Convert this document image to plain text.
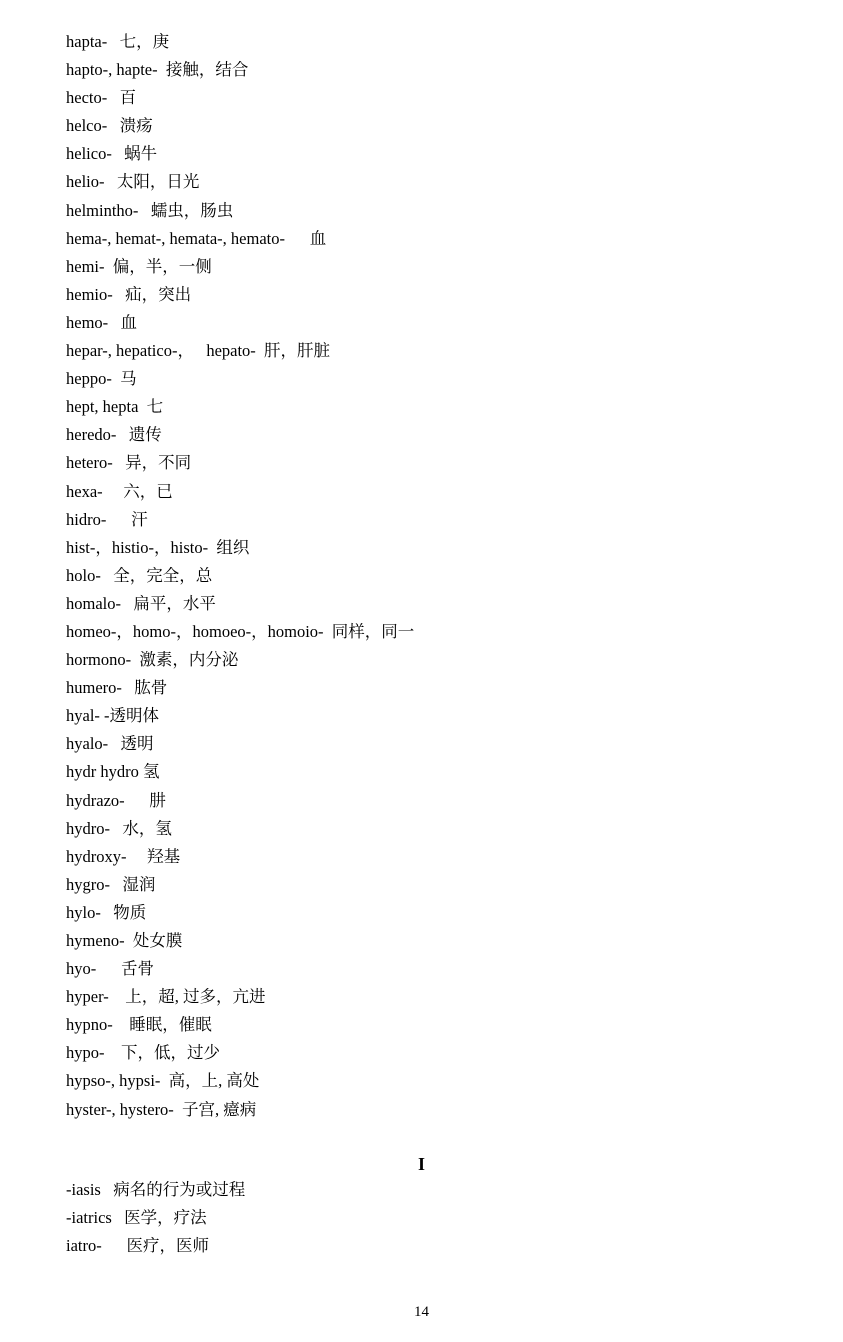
hapta-   七，庚
hapto-, hapte-  接触，结合
hecto-   百
helco-   溃疡
helico-   蜗牛
helio-   太阳，日光
helmintho-   蠕虫，肠虫
hema-, hemat-, hemata-, hemato-      血
hemi-  偏，半，一侧
hemio-   疝，突出
hemo-   血
hepar-, hepatico-，   hepato-  肝，肝脏
heppo-  马
hept, hepta  七
heredo-   遗传
hetero-   异，不同
hexa-     六，已
hidro-      汗
hist-，histio-，histo-  组织
holo-   全，完全，总
homalo-   扁平，水平
homeo-，homo-，homoeo-，homoio-  同样，同一
hormono-  激素，内分泌
humero-   肱骨
hyal- -透明体
hyalo-   透明
hydr hydro 氢
hydrazo-      肼
hydro-   水，氢
hydroxy-     羟基
hygro-   湿润
hylo-   物质
hymeno-  处女膜
hyo-      舌骨
hyper-    上，超, 过多，亢进
hypno-    睡眠，催眠
hypo-    下，低，过少
hypso-, hypsi-  高，上, 高处
hyster-, hystero-  子宫, 癔病
I
-iasis   病名的行为或过程
-iatrics   医学，疗法
iatro-      医疗，医师
14
